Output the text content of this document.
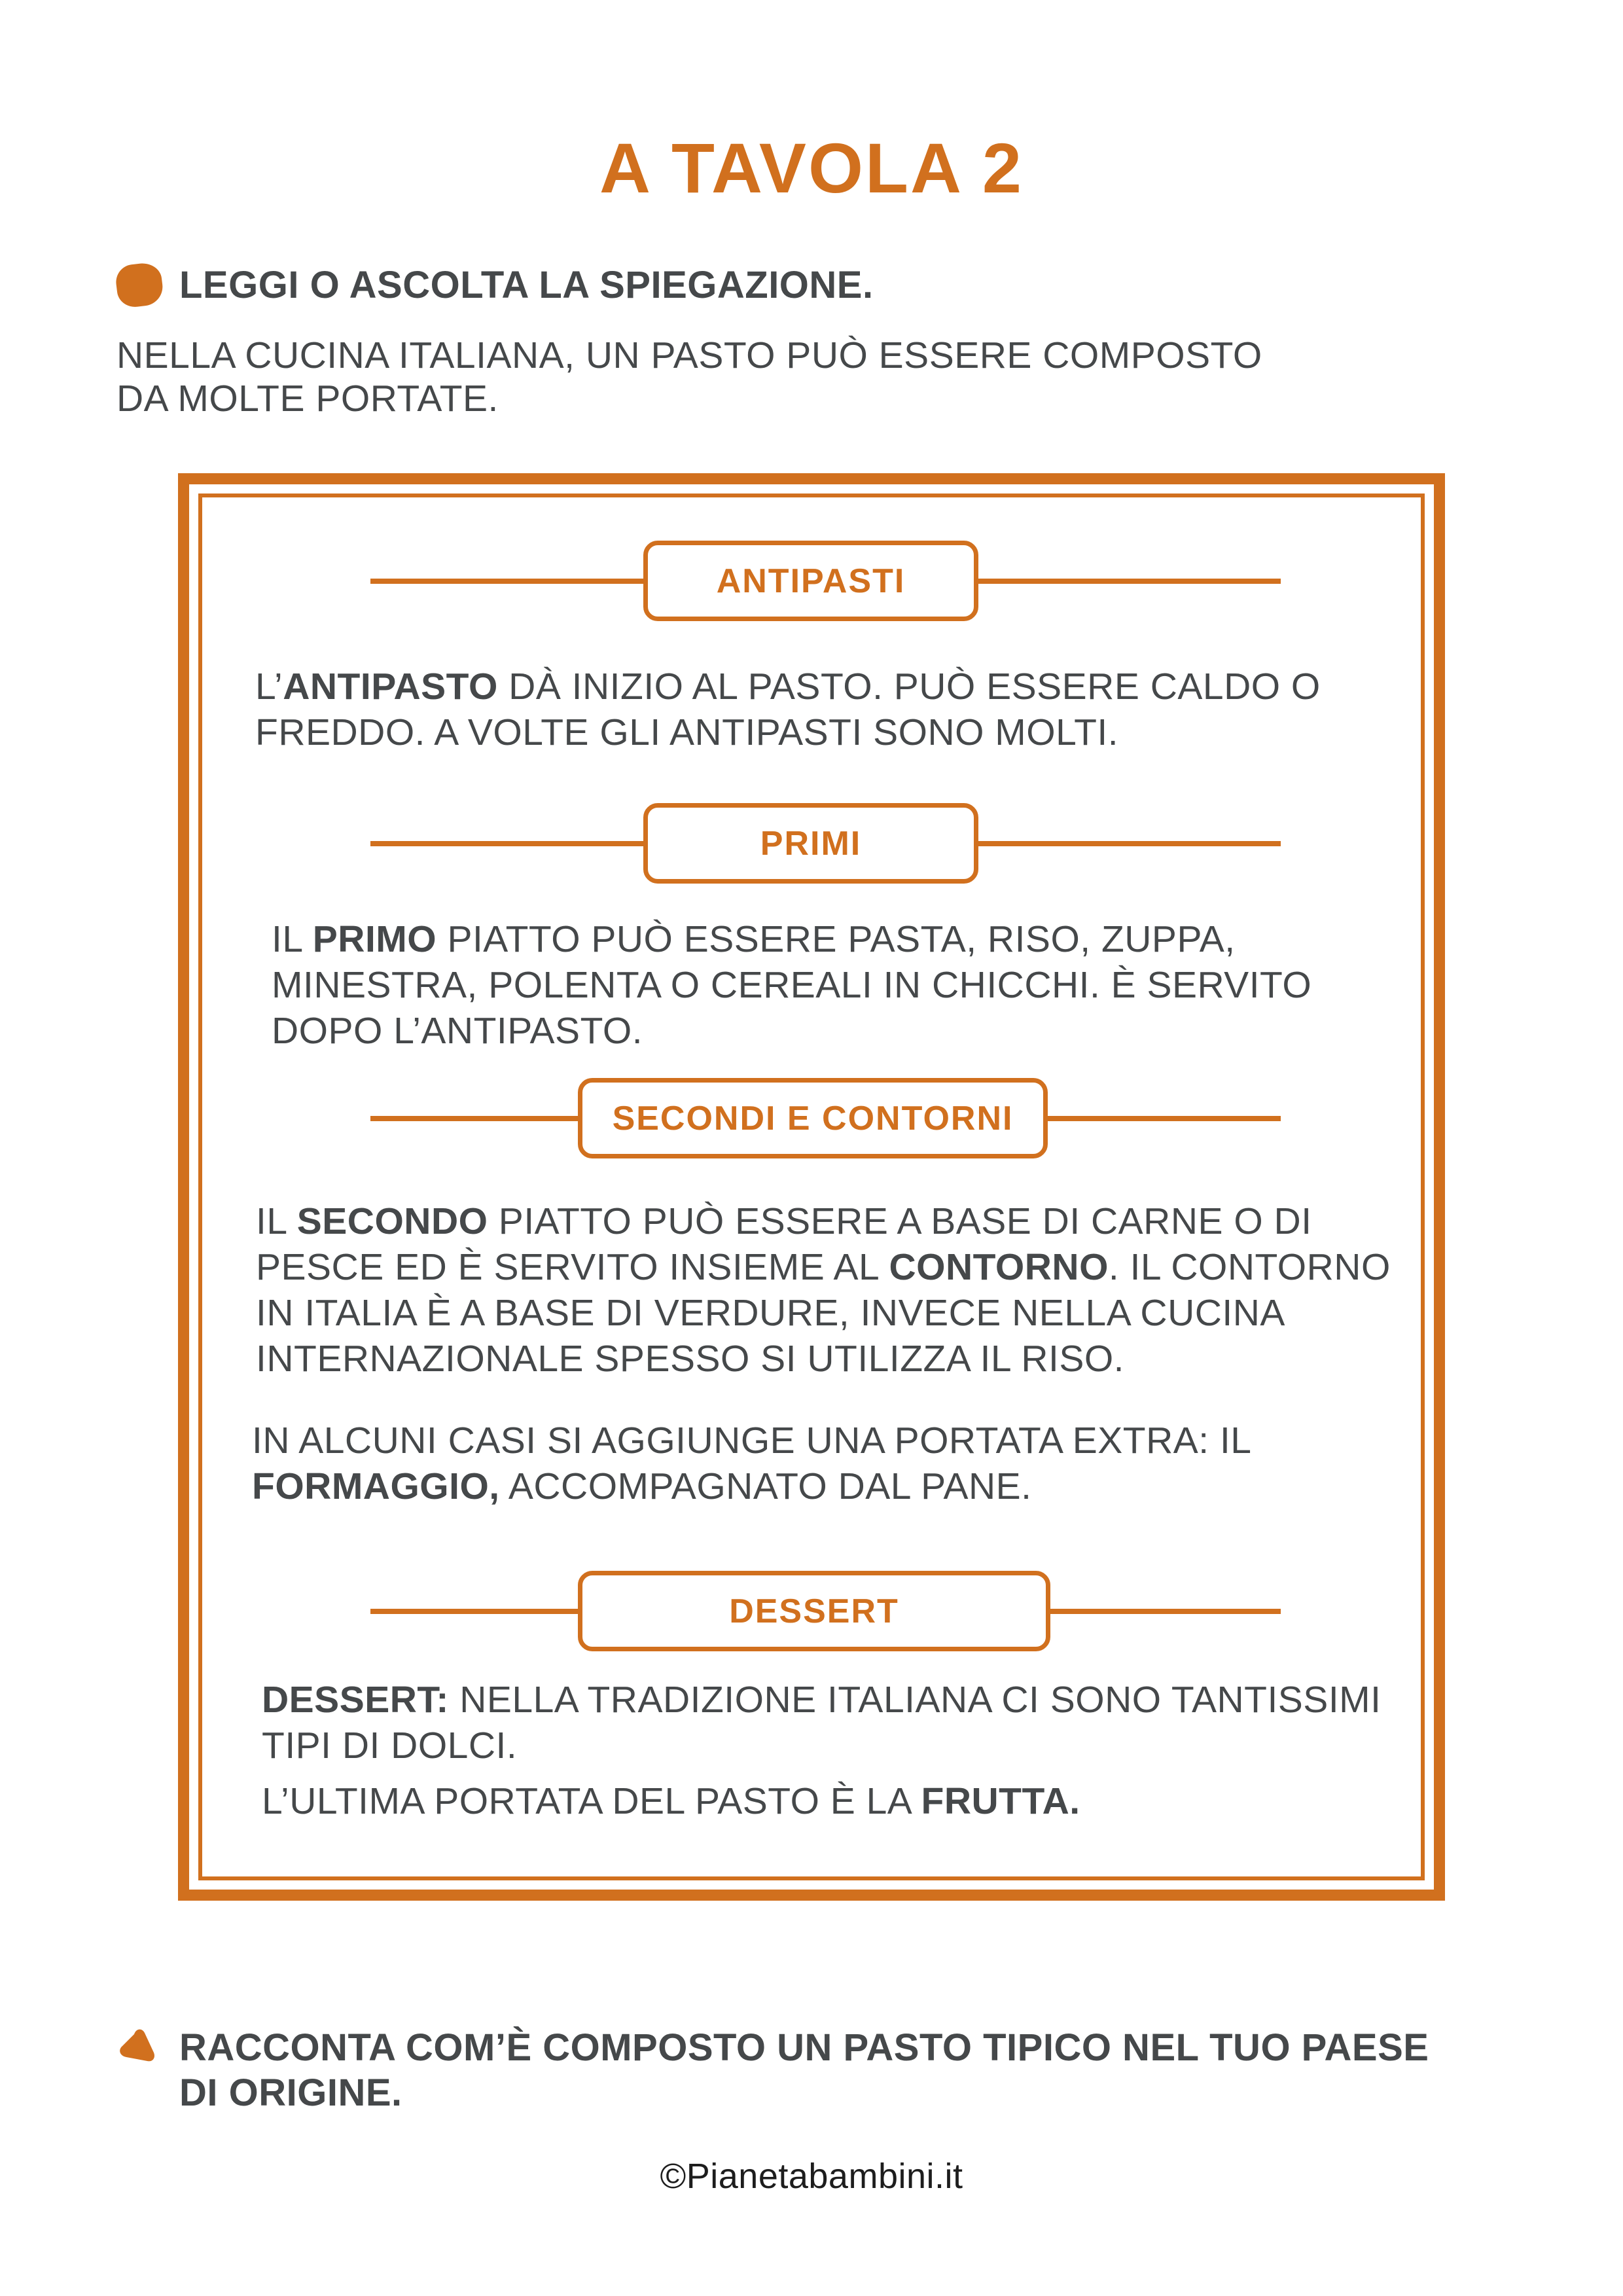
A TAVOLA 2
LEGGI O ASCOLTA LA SPIEGAZIONE.
NELLA CUCINA ITALIANA, UN PASTO PUÒ ESSERE COMPOSTO
DA MOLTE PORTATE.
ANTIPASTI
L’ANTIPASTO DÀ INIZIO AL PASTO. PUÒ ESSERE CALDO O
FREDDO. A VOLTE GLI ANTIPASTI SONO MOLTI.
PRIMI
IL PRIMO PIATTO PUÒ ESSERE PASTA, RISO, ZUPPA,
MINESTRA, POLENTA O CEREALI IN CHICCHI. È SERVITO
DOPO L’ANTIPASTO.
SECONDI E CONTORNI
IL SECONDO PIATTO PUÒ ESSERE A BASE DI CARNE O DI
PESCE ED È SERVITO INSIEME AL CONTORNO. IL CONTORNO
IN ITALIA È A BASE DI VERDURE, INVECE NELLA CUCINA
INTERNAZIONALE SPESSO SI UTILIZZA IL RISO.
IN ALCUNI CASI SI AGGIUNGE UNA PORTATA EXTRA: IL
FORMAGGIO, ACCOMPAGNATO DAL PANE.
DESSERT
DESSERT: NELLA TRADIZIONE ITALIANA CI SONO TANTISSIMI
TIPI DI DOLCI.
L’ULTIMA PORTATA DEL PASTO È LA FRUTTA.
RACCONTA COM’È COMPOSTO UN PASTO TIPICO NEL TUO PAESE
DI ORIGINE.
©Pianetabambini.it
